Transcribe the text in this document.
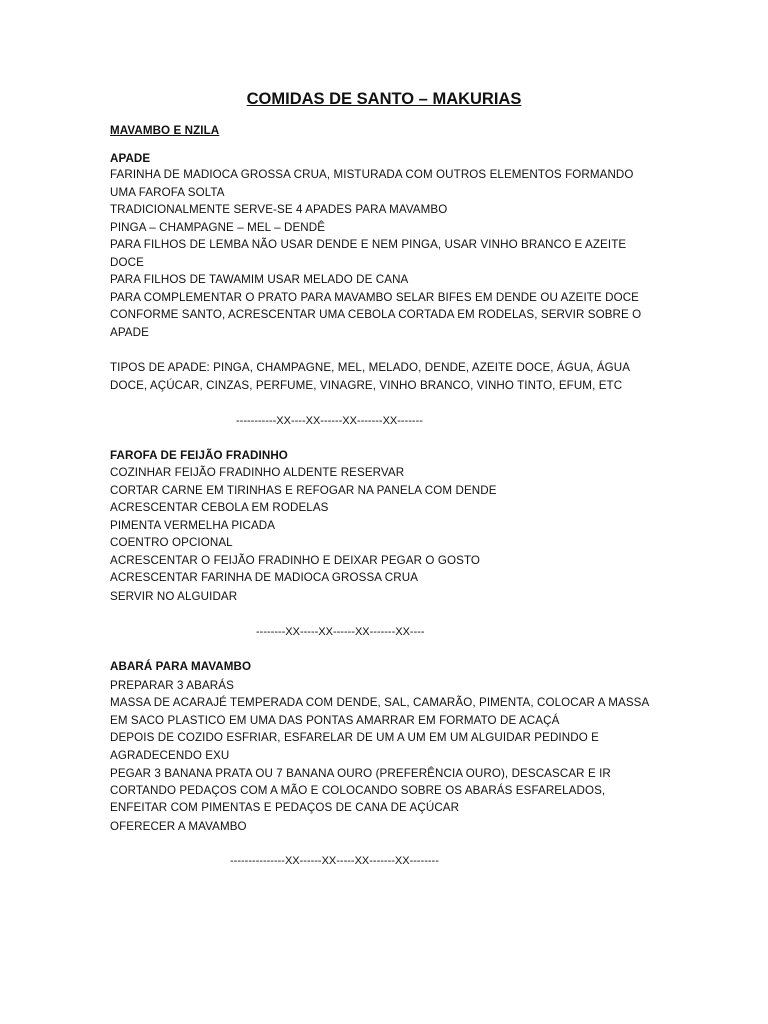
COMIDAS DE SANTO – MAKURIAS
MAVAMBO E NZILA
APADE
FARINHA DE MADIOCA GROSSA CRUA, MISTURADA COM OUTROS ELEMENTOS FORMANDO
UMA FAROFA SOLTA
TRADICIONALMENTE SERVE-SE 4 APADES PARA MAVAMBO
PINGA – CHAMPAGNE – MEL – DENDÊ
PARA FILHOS DE LEMBA NÃO USAR DENDE E NEM PINGA, USAR VINHO BRANCO E AZEITE
DOCE
PARA FILHOS DE TAWAMIM USAR MELADO DE CANA
PARA COMPLEMENTAR O PRATO PARA MAVAMBO SELAR BIFES EM DENDE OU AZEITE DOCE
CONFORME SANTO, ACRESCENTAR UMA CEBOLA CORTADA EM RODELAS, SERVIR SOBRE O
APADE
TIPOS DE APADE: PINGA, CHAMPAGNE, MEL, MELADO, DENDE, AZEITE DOCE, ÁGUA, ÁGUA
DOCE, AÇÚCAR, CINZAS, PERFUME, VINAGRE, VINHO BRANCO, VINHO TINTO, EFUM, ETC
-----------XX----XX------XX-------XX-------
FAROFA DE FEIJÃO FRADINHO
COZINHAR FEIJÃO FRADINHO ALDENTE RESERVAR
CORTAR CARNE EM TIRINHAS E REFOGAR NA PANELA COM DENDE
ACRESCENTAR CEBOLA EM RODELAS
PIMENTA VERMELHA PICADA
COENTRO OPCIONAL
ACRESCENTAR O FEIJÃO FRADINHO E DEIXAR PEGAR O GOSTO
ACRESCENTAR FARINHA DE MADIOCA GROSSA CRUA
SERVIR NO ALGUIDAR
--------XX-----XX------XX-------XX----
ABARÁ PARA MAVAMBO
PREPARAR 3 ABARÁS
MASSA DE ACARAJÉ TEMPERADA COM DENDE, SAL, CAMARÃO, PIMENTA, COLOCAR A MASSA
EM SACO PLASTICO EM UMA DAS PONTAS AMARRAR EM FORMATO DE ACAÇÁ
DEPOIS DE COZIDO ESFRIAR, ESFARELAR DE UM A UM EM UM ALGUIDAR PEDINDO E
AGRADECENDO EXU
PEGAR 3 BANANA PRATA OU 7 BANANA OURO (PREFERÊNCIA OURO), DESCASCAR E IR
CORTANDO PEDAÇOS COM A MÃO E COLOCANDO SOBRE OS ABARÁS ESFARELADOS,
ENFEITAR COM PIMENTAS E PEDAÇOS DE CANA DE AÇÚCAR
OFERECER A MAVAMBO
---------------XX------XX-----XX-------XX--------
